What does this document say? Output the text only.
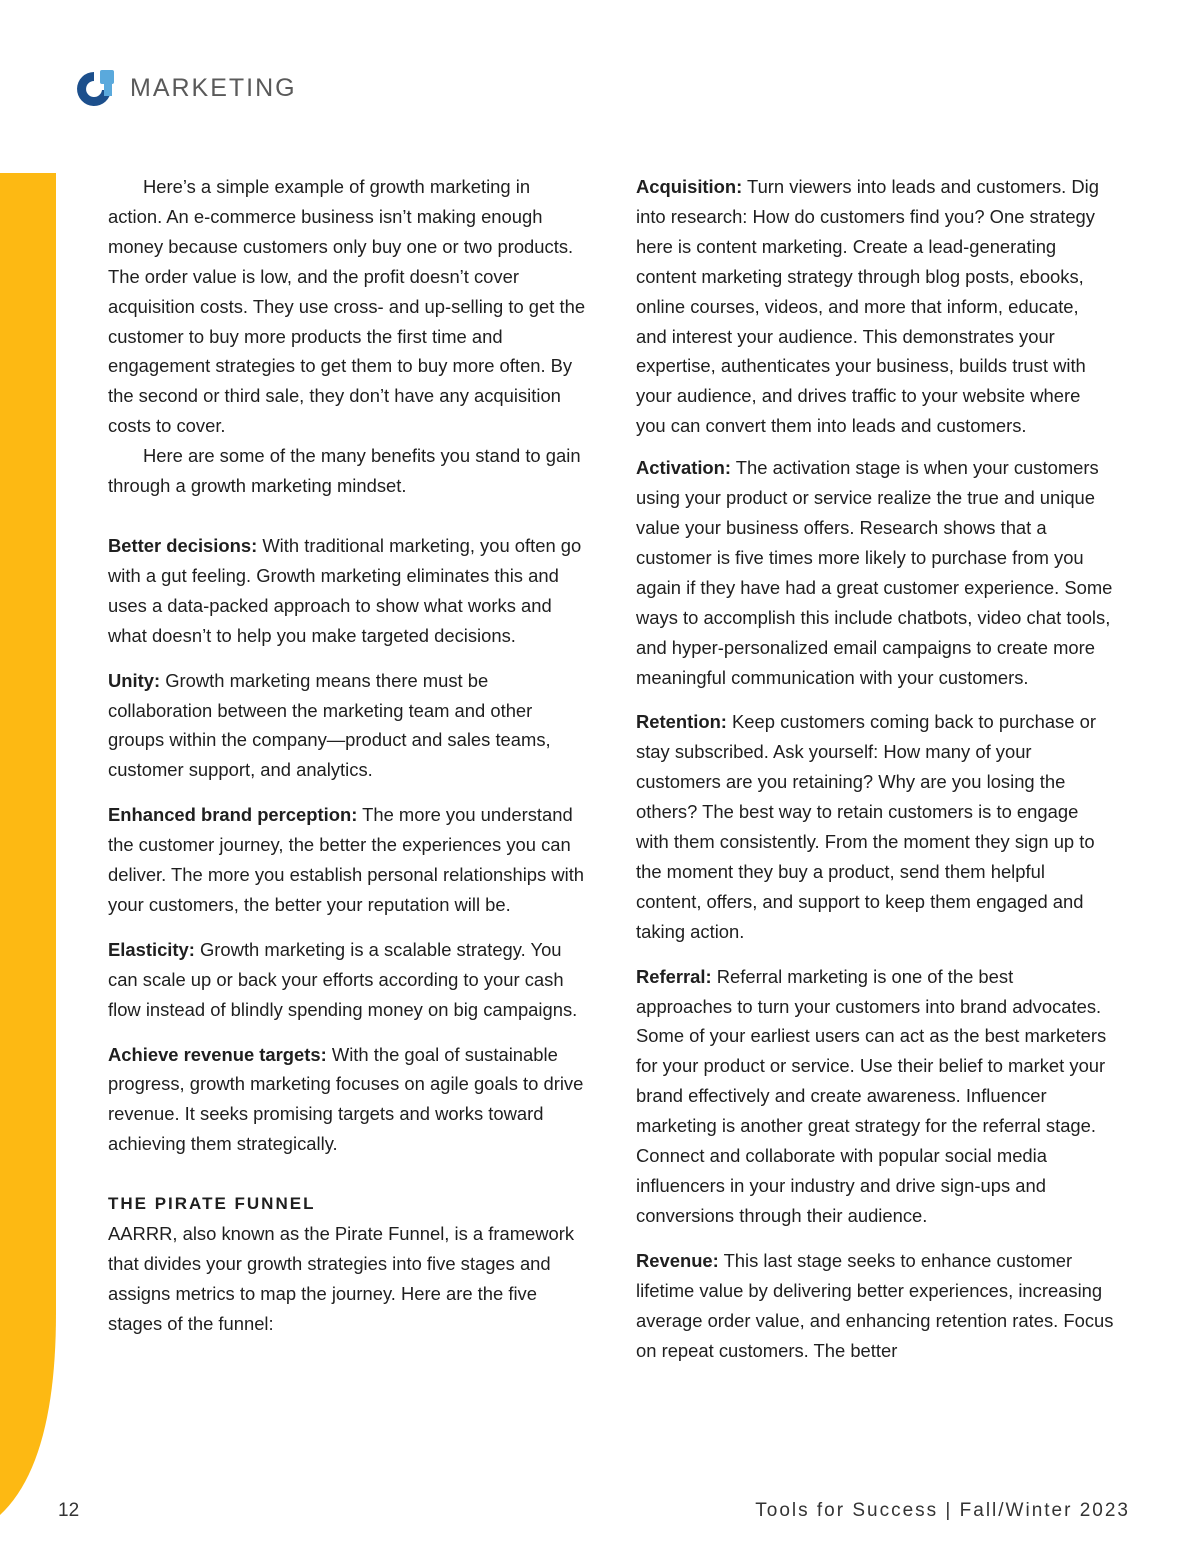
MARKETING

Here’s a simple example of growth marketing in action. An e-commerce business isn’t making enough money because customers only buy one or two products. The order value is low, and the profit doesn’t cover acquisition costs. They use cross- and up-selling to get the customer to buy more products the first time and engagement strategies to get them to buy more often. By the second or third sale, they don’t have any acquisition costs to cover.

Here are some of the many benefits you stand to gain through a growth marketing mindset.

Better decisions: With traditional marketing, you often go with a gut feeling. Growth marketing eliminates this and uses a data-packed approach to show what works and what doesn’t to help you make targeted decisions.

Unity: Growth marketing means there must be collaboration between the marketing team and other groups within the company—product and sales teams, customer support, and analytics.

Enhanced brand perception: The more you understand the customer journey, the better the experiences you can deliver. The more you establish personal relationships with your customers, the better your reputation will be.

Elasticity: Growth marketing is a scalable strategy. You can scale up or back your efforts according to your cash flow instead of blindly spending money on big campaigns.

Achieve revenue targets: With the goal of sustainable progress, growth marketing focuses on agile goals to drive revenue. It seeks promising targets and works toward achieving them strategically.

THE PIRATE FUNNEL

AARRR, also known as the Pirate Funnel, is a framework that divides your growth strategies into five stages and assigns metrics to map the journey. Here are the five stages of the funnel:

Acquisition: Turn viewers into leads and customers. Dig into research: How do customers find you? One strategy here is content marketing. Create a lead-generating content marketing strategy through blog posts, ebooks, online courses, videos, and more that inform, educate, and interest your audience. This demonstrates your expertise, authenticates your business, builds trust with your audience, and drives traffic to your website where you can convert them into leads and customers.

Activation: The activation stage is when your customers using your product or service realize the true and unique value your business offers. Research shows that a customer is five times more likely to purchase from you again if they have had a great customer experience. Some ways to accomplish this include chatbots, video chat tools, and hyper-personalized email campaigns to create more meaningful communication with your customers.

Retention: Keep customers coming back to purchase or stay subscribed. Ask yourself: How many of your customers are you retaining? Why are you losing the others? The best way to retain customers is to engage with them consistently. From the moment they sign up to the moment they buy a product, send them helpful content, offers, and support to keep them engaged and taking action.

Referral: Referral marketing is one of the best approaches to turn your customers into brand advocates. Some of your earliest users can act as the best marketers for your product or service. Use their belief to market your brand effectively and create awareness. Influencer marketing is another great strategy for the referral stage. Connect and collaborate with popular social media influencers in your industry and drive sign-ups and conversions through their audience.

Revenue: This last stage seeks to enhance customer lifetime value by delivering better experiences, increasing average order value, and enhancing retention rates. Focus on repeat customers. The better

12	Tools for Success | Fall/Winter 2023
